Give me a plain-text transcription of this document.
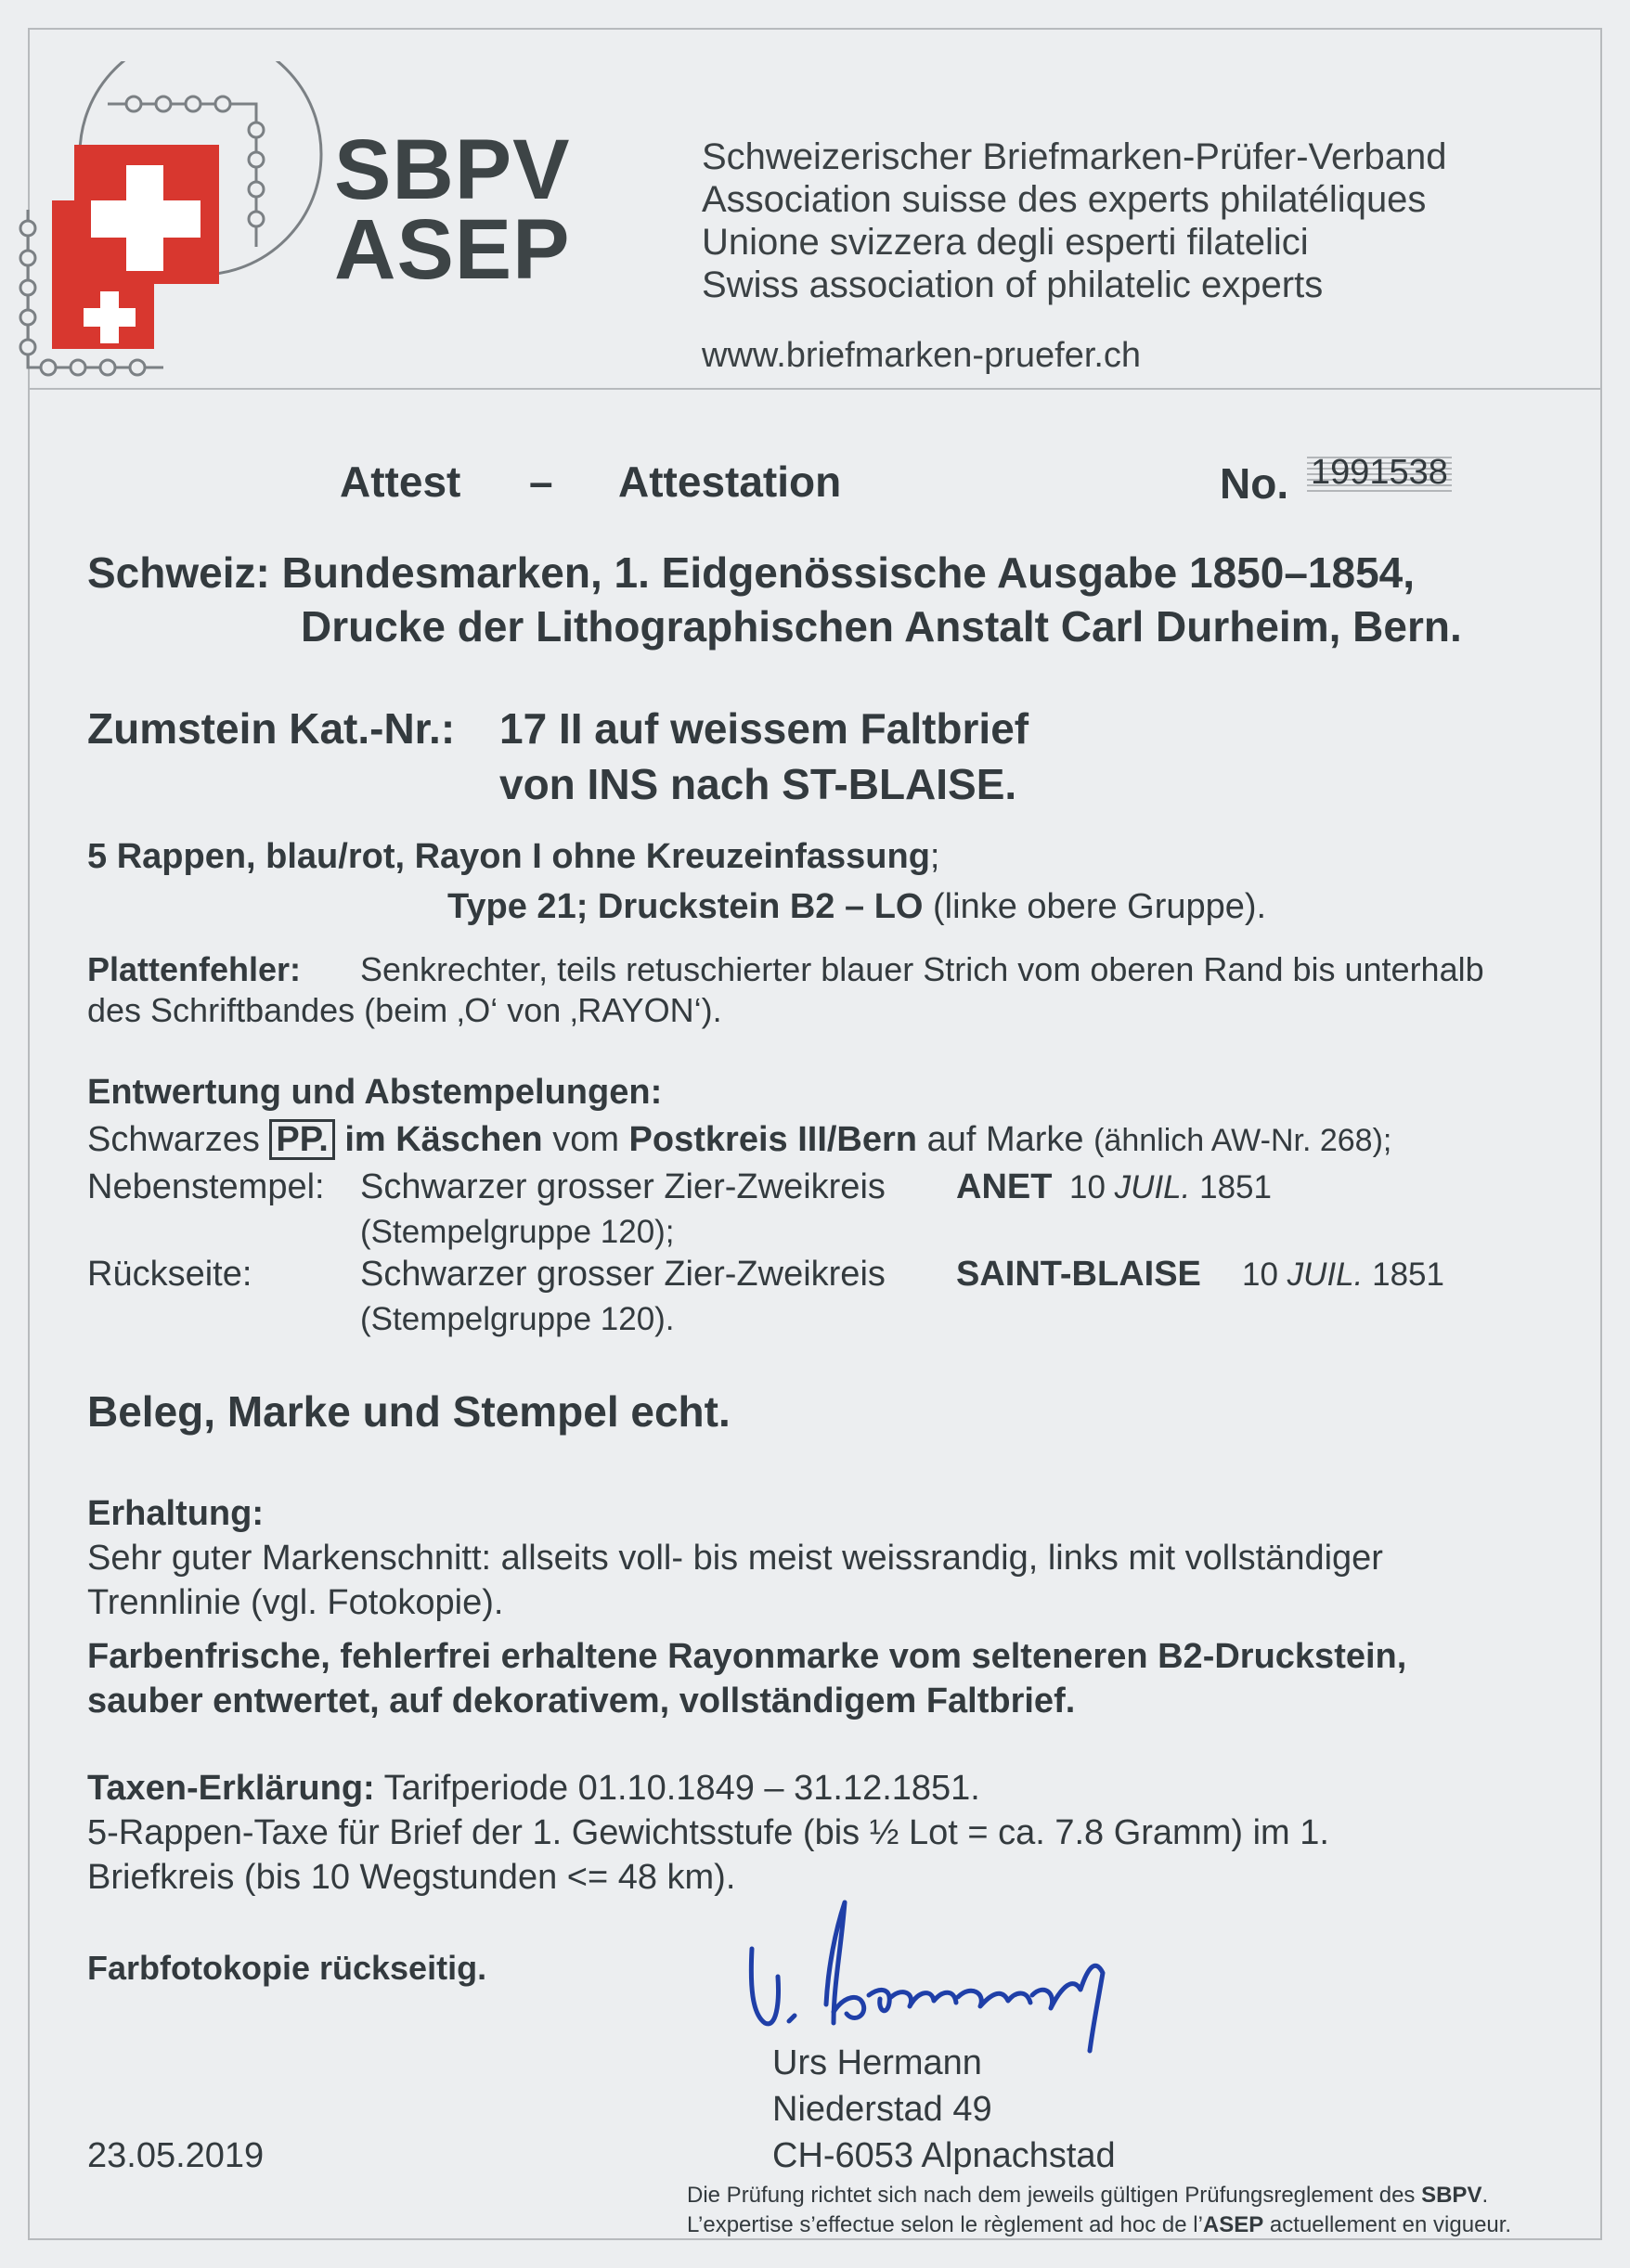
SBPV
ASEP
Schweizerischer Briefmarken-Prüfer-Verband
Association suisse des experts philatéliques
Unione svizzera degli esperti filatelici
Swiss association of philatelic experts
www.briefmarken-pruefer.ch
Attest – Attestation	No. 1991538
Schweiz: Bundesmarken, 1. Eidgenössische Ausgabe 1850–1854,
Drucke der Lithographischen Anstalt Carl Durheim, Bern.
Zumstein Kat.-Nr.: 17 II auf weissem Faltbrief
von INS nach ST-BLAISE.
5 Rappen, blau/rot, Rayon I ohne Kreuzeinfassung;
Type 21; Druckstein B2 – LO (linke obere Gruppe).
Plattenfehler: Senkrechter, teils retuschierter blauer Strich vom oberen Rand bis unterhalb
des Schriftbandes (beim ‚O‘ von ‚RAYON‘).
Entwertung und Abstempelungen:
Schwarzes PP. im Käschen vom Postkreis III/Bern auf Marke (ähnlich AW-Nr. 268);
Nebenstempel: Schwarzer grosser Zier-Zweikreis ANET 10 JUIL. 1851
(Stempelgruppe 120);
Rückseite:	Schwarzer grosser Zier-Zweikreis SAINT-BLAISE 10 JUIL. 1851
(Stempelgruppe 120).
Beleg, Marke und Stempel echt.
Erhaltung:
Sehr guter Markenschnitt: allseits voll- bis meist weissrandig, links mit vollständiger
Trennlinie (vgl. Fotokopie).
Farbenfrische, fehlerfrei erhaltene Rayonmarke vom selteneren B2-Druckstein,
sauber entwertet, auf dekorativem, vollständigem Faltbrief.
Taxen-Erklärung: Tarifperiode 01.10.1849 – 31.12.1851.
5-Rappen-Taxe für Brief der 1. Gewichtsstufe (bis ½ Lot = ca. 7.8 Gramm) im 1.
Briefkreis (bis 10 Wegstunden <= 48 km).
Farbfotokopie rückseitig.
23.05.2019
Urs Hermann
Niederstad 49
CH-6053 Alpnachstad
Die Prüfung richtet sich nach dem jeweils gültigen Prüfungsreglement des SBPV.
L’expertise s’effectue selon le règlement ad hoc de l’ASEP actuellement en vigueur.
